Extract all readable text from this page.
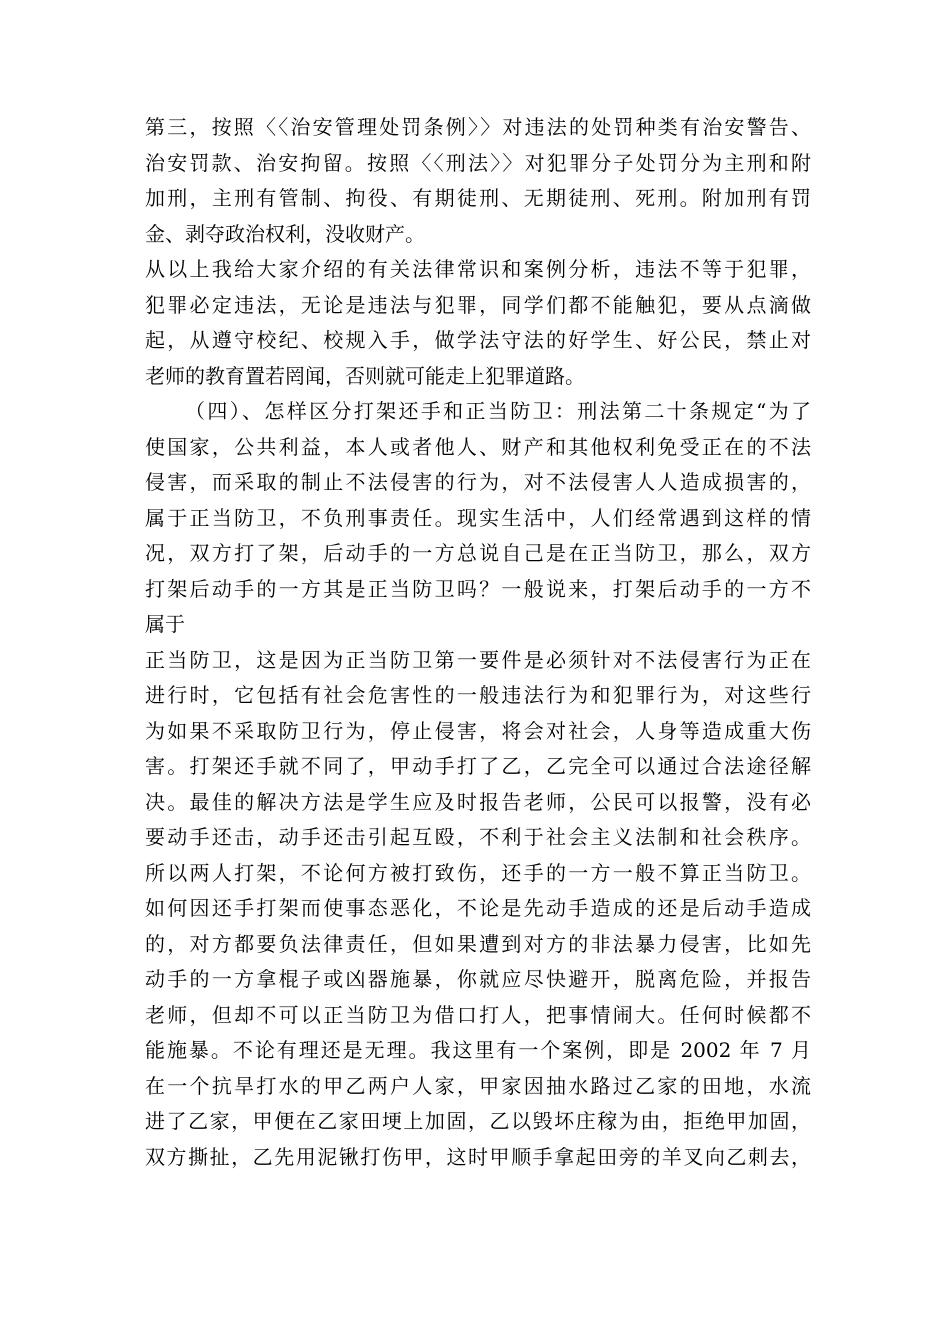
第三，按照〈〈治安管理处罚条例〉〉对违法的处罚种类有治安警告、
治安罚款、治安拘留。按照〈〈刑法〉〉对犯罪分子处罚分为主刑和附
加刑，主刑有管制、拘役、有期徒刑、无期徒刑、死刑。附加刑有罚
金、剥夺政治权利，没收财产。
从以上我给大家介绍的有关法律常识和案例分析，违法不等于犯罪，
犯罪必定违法，无论是违法与犯罪，同学们都不能触犯，要从点滴做
起，从遵守校纪、校规入手，做学法守法的好学生、好公民，禁止对
老师的教育置若罔闻，否则就可能走上犯罪道路。
（四）、怎样区分打架还手和正当防卫：刑法第二十条规定“为了
使国家，公共利益，本人或者他人、财产和其他权利免受正在的不法
侵害，而采取的制止不法侵害的行为，对不法侵害人人造成损害的，
属于正当防卫，不负刑事责任。现实生活中，人们经常遇到这样的情
况，双方打了架，后动手的一方总说自己是在正当防卫，那么，双方
打架后动手的一方其是正当防卫吗？一般说来，打架后动手的一方不
属于
正当防卫，这是因为正当防卫第一要件是必须针对不法侵害行为正在
进行时，它包括有社会危害性的一般违法行为和犯罪行为，对这些行
为如果不采取防卫行为，停止侵害，将会对社会，人身等造成重大伤
害。打架还手就不同了，甲动手打了乙，乙完全可以通过合法途径解
决。最佳的解决方法是学生应及时报告老师，公民可以报警，没有必
要动手还击，动手还击引起互殴，不利于社会主义法制和社会秩序。
所以两人打架，不论何方被打致伤，还手的一方一般不算正当防卫。
如何因还手打架而使事态恶化，不论是先动手造成的还是后动手造成
的，对方都要负法律责任，但如果遭到对方的非法暴力侵害，比如先
动手的一方拿棍子或凶器施暴，你就应尽快避开，脱离危险，并报告
老师，但却不可以正当防卫为借口打人，把事情闹大。任何时候都不
能施暴。不论有理还是无理。我这里有一个案例，即是 2002 年 7 月
在一个抗旱打水的甲乙两户人家，甲家因抽水路过乙家的田地，水流
进了乙家，甲便在乙家田埂上加固，乙以毁坏庄稼为由，拒绝甲加固，
双方撕扯，乙先用泥锹打伤甲，这时甲顺手拿起田旁的羊叉向乙刺去，
